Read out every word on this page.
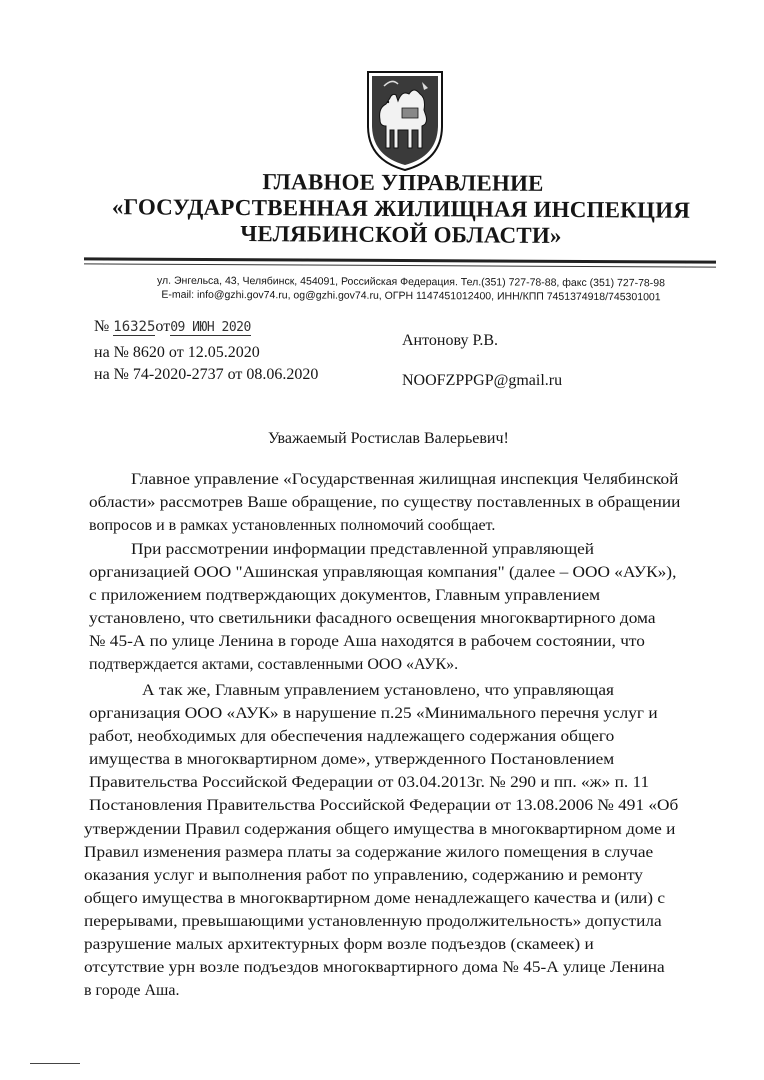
ГЛАВНОЕ УПРАВЛЕНИЕ
«ГОСУДАРСТВЕННАЯ ЖИЛИЩНАЯ ИНСПЕКЦИЯ
ЧЕЛЯБИНСКОЙ ОБЛАСТИ»
ул. Энгельса, 43, Челябинск, 454091, Российская Федерация. Тел.(351) 727-78-88, факс (351) 727-78-98
E-mail: info@gzhi.gov74.ru, og@gzhi.gov74.ru, ОГРН 1147451012400, ИНН/КПП 7451374918/745301001
№ 16325от09 ИЮН 2020
на № 8620 от 12.05.2020
на № 74-2020-2737 от 08.06.2020
Антонову Р.В.
NOOFZPPGP@gmail.ru
Уважаемый Ростислав Валерьевич!
Главное управление «Государственная жилищная инспекция Челябинской
области» рассмотрев Ваше обращение, по существу поставленных в обращении
вопросов и в рамках установленных полномочий сообщает.
При рассмотрении информации представленной управляющей
организацией ООО "Ашинская управляющая компания" (далее – ООО «АУК»),
с приложением подтверждающих документов, Главным управлением
установлено, что светильники фасадного освещения многоквартирного дома
№ 45-А по улице Ленина в городе Аша находятся в рабочем состоянии, что
подтверждается актами, составленными ООО «АУК».
А так же, Главным управлением установлено, что управляющая
организация ООО «АУК» в нарушение п.25 «Минимального перечня услуг и
работ, необходимых для обеспечения надлежащего содержания общего
имущества в многоквартирном доме», утвержденного Постановлением
Правительства Российской Федерации от 03.04.2013г. № 290 и пп. «ж» п. 11
Постановления Правительства Российской Федерации от 13.08.2006 № 491 «Об
утверждении Правил содержания общего имущества в многоквартирном доме и
Правил изменения размера платы за содержание жилого помещения в случае
оказания услуг и выполнения работ по управлению, содержанию и ремонту
общего имущества в многоквартирном доме ненадлежащего качества и (или) с
перерывами, превышающими установленную продолжительность» допустила
разрушение малых архитектурных форм возле подъездов (скамеек) и
отсутствие урн возле подъездов многоквартирного дома № 45-А улице Ленина
в городе Аша.
